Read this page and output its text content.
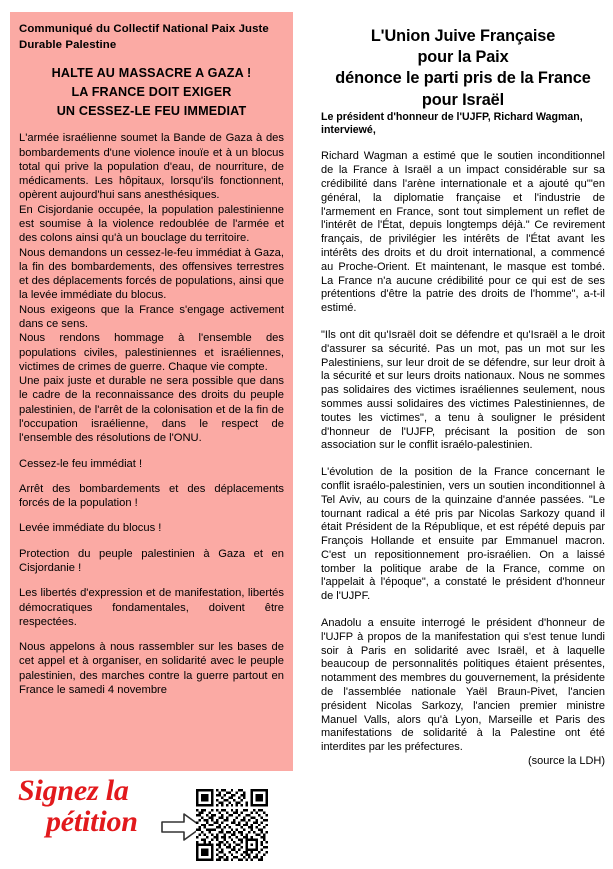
Communiqué du Collectif National Paix Juste Durable Palestine
HALTE AU MASSACRE A GAZA !
LA FRANCE DOIT EXIGER
UN CESSEZ-LE FEU IMMEDIAT

L'armée israélienne soumet la Bande de Gaza à des bombardements d'une violence inouïe et à un blocus total qui prive la population d'eau, de nourriture, de médicaments. Les hôpitaux, lorsqu'ils fonctionnent, opèrent aujourd'hui sans anesthésiques.

En Cisjordanie occupée, la population palestinienne est soumise à la violence redoublée de l'armée et des colons ainsi qu'à un bouclage du territoire.

Nous demandons un cessez-le-feu immédiat à Gaza, la fin des bombardements, des offensives terrestres et des déplacements forcés de populations, ainsi que la levée immédiate du blocus.

Nous exigeons que la France s'engage activement dans ce sens.

Nous rendons hommage à l'ensemble des populations civiles, palestiniennes et israéliennes, victimes de crimes de guerre. Chaque vie compte.

Une paix juste et durable ne sera possible que dans le cadre de la reconnaissance des droits du peuple palestinien, de l'arrêt de la colonisation et de la fin de l'occupation israélienne, dans le respect de l'ensemble des résolutions de l'ONU.

Cessez-le feu immédiat !

Arrêt des bombardements et des déplacements forcés de la population !

Levée immédiate du blocus !

Protection du peuple palestinien à Gaza et en Cisjordanie !

Les libertés d'expression et de manifestation, libertés démocratiques fondamentales, doivent être respectées.

Nous appelons à nous rassembler sur les bases de cet appel et à organiser, en solidarité avec le peuple palestinien, des marches contre la guerre partout en France le samedi 4 novembre

Signez la
pétition
L'Union Juive Française
pour la Paix
dénonce le parti pris de la France
pour Israël

Le président d'honneur de l'UJFP, Richard Wagman, interviewé,

Richard Wagman a estimé que le soutien inconditionnel de la France à Israël a un impact considérable sur sa crédibilité dans l'arène internationale et a ajouté qu'"en général, la diplomatie française et l'industrie de l'armement en France, sont tout simplement un reflet de l'intérêt de l'État, depuis longtemps déjà." Ce revirement français, de privilégier les intérêts de l'État avant les intérêts des droits et du droit international, a commencé au Proche-Orient. Et maintenant, le masque est tombé. La France n'a aucune crédibilité pour ce qui est de ses prétentions d'être la patrie des droits de l'homme", a-t-il estimé.

"Ils ont dit qu'Israël doit se défendre et qu'Israël a le droit d'assurer sa sécurité. Pas un mot, pas un mot sur les Palestiniens, sur leur droit de se défendre, sur leur droit à la sécurité et sur leurs droits nationaux. Nous ne sommes pas solidaires des victimes israéliennes seulement, nous sommes aussi solidaires des victimes Palestiniennes, de toutes les victimes", a tenu à souligner le président d'honneur de l'UJFP, précisant la position de son association sur le conflit israélo-palestinien.

L'évolution de la position de la France concernant le conflit israélo-palestinien, vers un soutien inconditionnel à Tel Aviv, au cours de la quinzaine d'année passées. "Le tournant radical a été pris par Nicolas Sarkozy quand il était Président de la République, et est répété depuis par François Hollande et ensuite par Emmanuel macron. C'est un repositionnement pro-israélien. On a laissé tomber la politique arabe de la France, comme on l'appelait à l'époque", a constaté le président d'honneur de l'UJPF.

Anadolu a ensuite interrogé le président d'honneur de l'UJFP à propos de la manifestation qui s'est tenue lundi soir à Paris en solidarité avec Israël, et à laquelle beaucoup de personnalités politiques étaient présentes, notamment des membres du gouvernement, la présidente de l'assemblée nationale Yaël Braun-Pivet, l'ancien président Nicolas Sarkozy, l'ancien premier ministre Manuel Valls, alors qu'à Lyon, Marseille et Paris des manifestations de solidarité à la Palestine ont été interdites par les préfectures.

(source la LDH)
